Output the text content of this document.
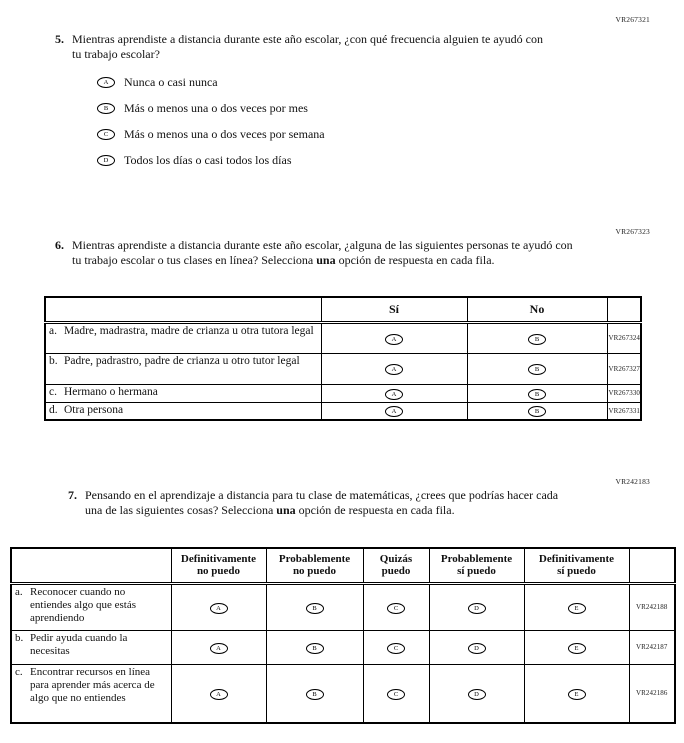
VR267321
5. Mientras aprendiste a distancia durante este año escolar, ¿con qué frecuencia alguien te ayudó con tu trabajo escolar?

A	Nunca o casi nunca
B	Más o menos una o dos veces por mes
C	Más o menos una o dos veces por semana
D	Todos los días o casi todos los días
VR267323
6. Mientras aprendiste a distancia durante este año escolar, ¿alguna de las siguientes personas te ayudó con tu trabajo escolar o tus clases en línea? Selecciona una opción de respuesta en cada fila.

	Sí	No	

a. Madre, madrastra, madre de crianza u otra tutora legal	A	B	VR267324

b. Padre, padrastro, padre de crianza u otro tutor legal	A	B	VR267327

c. Hermano o hermana	A	B	VR267330

d. Otra persona	A	B	VR267331
VR242183
7. Pensando en el aprendizaje a distancia para tu clase de matemáticas, ¿crees que podrías hacer cada una de las siguientes cosas? Selecciona una opción de respuesta en cada fila.

Definitivamente
no puedo

Probablemente
no puedo

Quizás
puedo

Probablemente
sí puedo

Definitivamente
sí puedo

a. Reconocer cuando no entiendes algo que estás aprendiendo	A	B	C	D	E	VR242188

b. Pedir ayuda cuando la necesitas	A	B	C	D	E	VR242187

c. Encontrar recursos en línea para aprender más acerca de algo que no entiendes	A	B	C	D	E	VR242186
